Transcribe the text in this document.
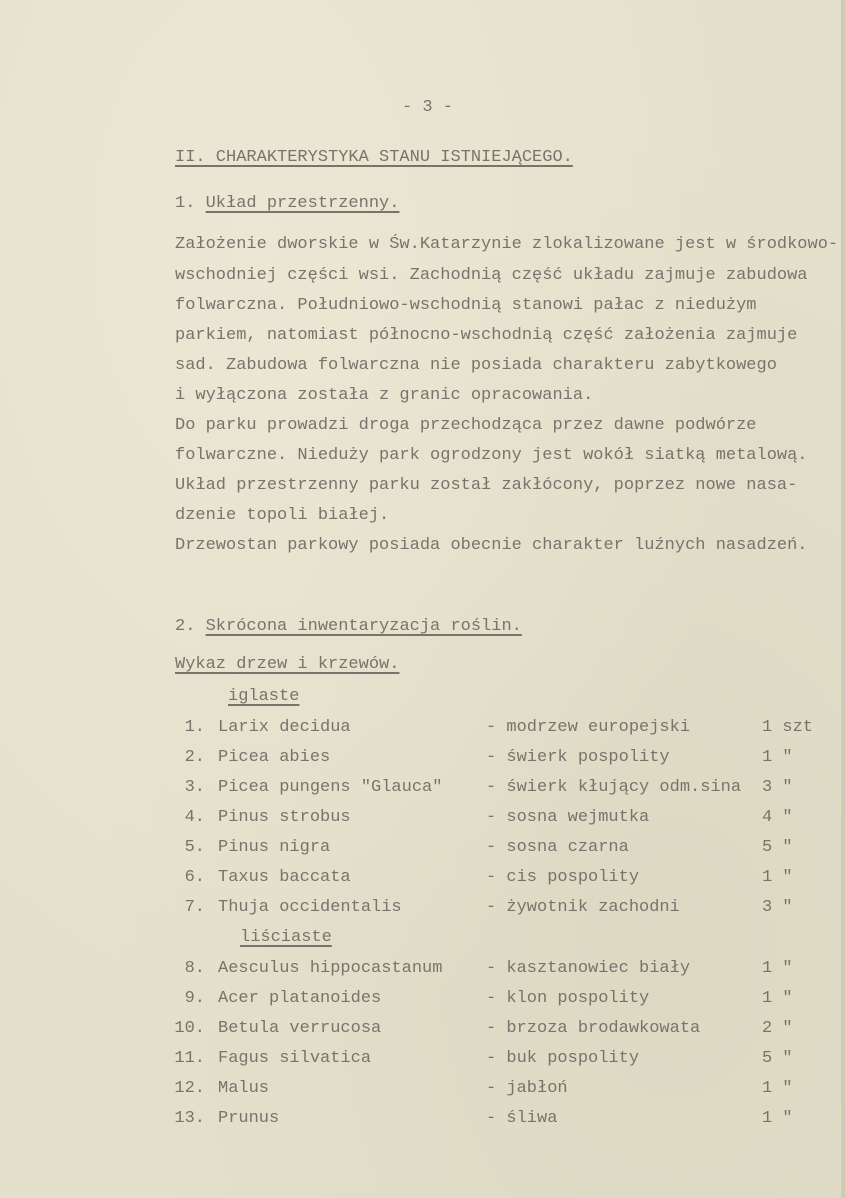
- 3 -
II. CHARAKTERYSTYKA STANU ISTNIEJĄCEGO.
1. Układ przestrzenny.
Założenie dworskie w Św.Katarzynie zlokalizowane jest w środkowo-
wschodniej części wsi. Zachodnią część układu zajmuje zabudowa
folwarczna. Południowo-wschodnią stanowi pałac z niedużym
parkiem, natomiast północno-wschodnią część założenia zajmuje
sad. Zabudowa folwarczna nie posiada charakteru zabytkowego
i wyłączona została z granic opracowania.
Do parku prowadzi droga przechodząca przez dawne podwórze
folwarczne. Nieduży park ogrodzony jest wokół siatką metalową.
Układ przestrzenny parku został zakłócony, poprzez nowe nasa-
dzenie topoli białej.
Drzewostan parkowy posiada obecnie charakter luźnych nasadzeń.
2. Skrócona inwentaryzacja roślin.
Wykaz drzew i krzewów.
iglaste
1. Larix decidua	- modrzew europejski	1 szt
2. Picea abies	- świerk pospolity	1 "
3. Picea pungens "Glauca"	- świerk kłujący odm.sina 3 "
4. Pinus strobus	- sosna wejmutka	4 "
5. Pinus nigra	- sosna czarna	5 "
6. Taxus baccata	- cis pospolity	1 "
7. Thuja occidentalis	- żywotnik zachodni	3 "
liściaste
8. Aesculus hippocastanum	- kasztanowiec biały	1 "
9. Acer platanoides	- klon pospolity	1 "
10. Betula verrucosa	- brzoza brodawkowata	2 "
11. Fagus silvatica	- buk pospolity	5 "
12. Malus	- jabłoń	1 "
13. Prunus	- śliwa	1 "
